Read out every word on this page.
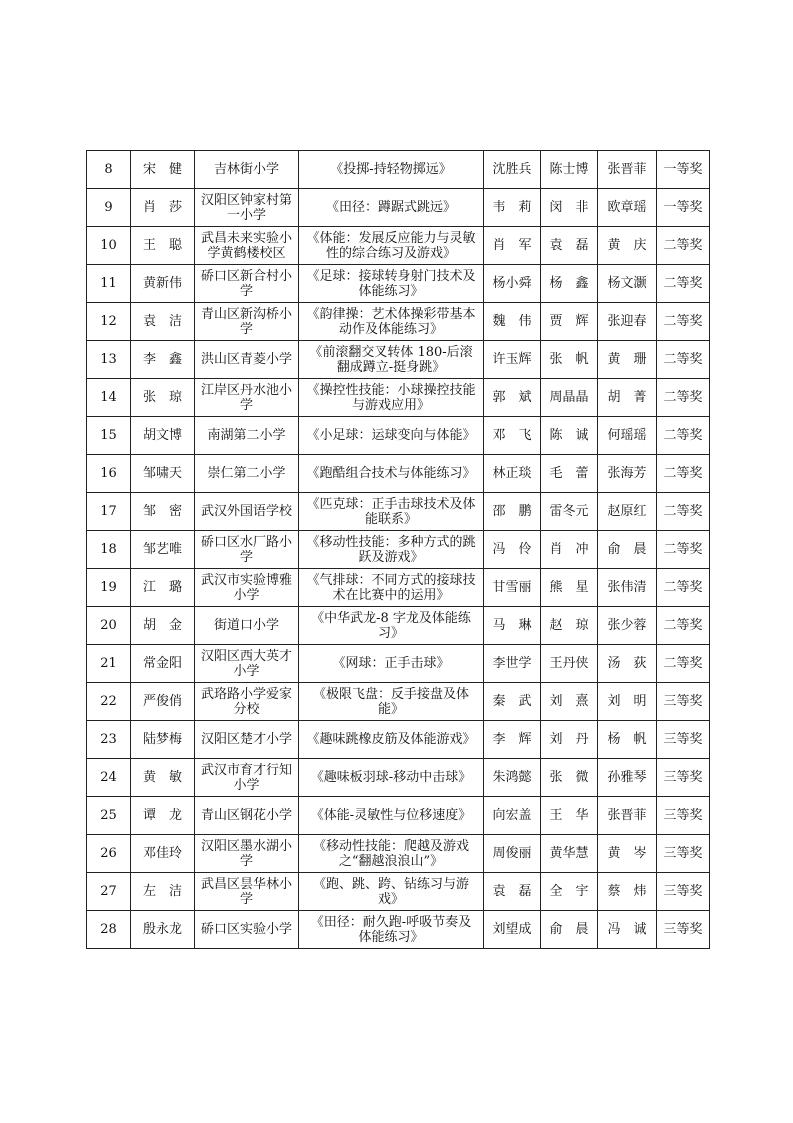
8	宋　健	吉林街小学	《投掷-持轻物掷远》	沈胜兵	陈士博	张晋菲	一等奖
9	肖　莎	汉阳区钟家村第一小学	《田径：蹲踞式跳远》	韦　莉	闵　非	欧章瑶	一等奖
10	王　聪	武昌未来实验小学黄鹤楼校区	《体能：发展反应能力与灵敏性的综合练习及游戏》	肖　军	袁　磊	黄　庆	二等奖
11	黄新伟	硚口区新合村小学	《足球：接球转身射门技术及体能练习》	杨小舜	杨　鑫	杨文灏	二等奖
12	袁　洁	青山区新沟桥小学	《韵律操：艺术体操彩带基本动作及体能练习》	魏　伟	贾　辉	张迎春	二等奖
13	李　鑫	洪山区青菱小学	《前滚翻交叉转体 180-后滚翻成蹲立-挺身跳》	许玉辉	张　帆	黄　珊	二等奖
14	张　琼	江岸区丹水池小学	《操控性技能：小球操控技能与游戏应用》	郭　斌	周晶晶	胡　菁	二等奖
15	胡文博	南湖第二小学	《小足球：运球变向与体能》	邓　飞	陈　诚	何瑶瑶	二等奖
16	邹啸天	崇仁第二小学	《跑酷组合技术与体能练习》	林正琰	毛　蕾	张海芳	二等奖
17	邹　密	武汉外国语学校	《匹克球：正手击球技术及体能联系》	邵　鹏	雷冬元	赵原红	二等奖
18	邹艺唯	硚口区水厂路小学	《移动性技能：多种方式的跳跃及游戏》	冯　伶	肖　冲	俞　晨	二等奖
19	江　璐	武汉市实验博雅小学	《气排球：不同方式的接球技术在比赛中的运用》	甘雪丽	熊　星	张伟清	二等奖
20	胡　金	街道口小学	《中华武龙-8 字龙及体能练习》	马　琳	赵　琼	张少蓉	二等奖
21	常金阳	汉阳区西大英才小学	《网球：正手击球》	李世学	王丹侠	汤　荻	二等奖
22	严俊俏	武珞路小学爱家分校	《极限飞盘：反手接盘及体能》	秦　武	刘　熹	刘　明	三等奖
23	陆梦梅	汉阳区楚才小学	《趣味跳橡皮筋及体能游戏》	李　辉	刘　丹	杨　帆	三等奖
24	黄　敏	武汉市育才行知小学	《趣味板羽球-移动中击球》	朱鸿懿	张　微	孙雅琴	三等奖
25	谭　龙	青山区钢花小学	《体能-灵敏性与位移速度》	向宏盖	王　华	张晋菲	三等奖
26	邓佳玲	汉阳区墨水湖小学	《移动性技能：爬越及游戏之“翻越浪浪山”》	周俊丽	黄华慧	黄　岑	三等奖
27	左　洁	武昌区昙华林小学	《跑、跳、跨、钻练习与游戏》	袁　磊	全　宇	蔡　炜	三等奖
28	殷永龙	硚口区实验小学	《田径：耐久跑-呼吸节奏及体能练习》	刘望成	俞　晨	冯　诚	三等奖
